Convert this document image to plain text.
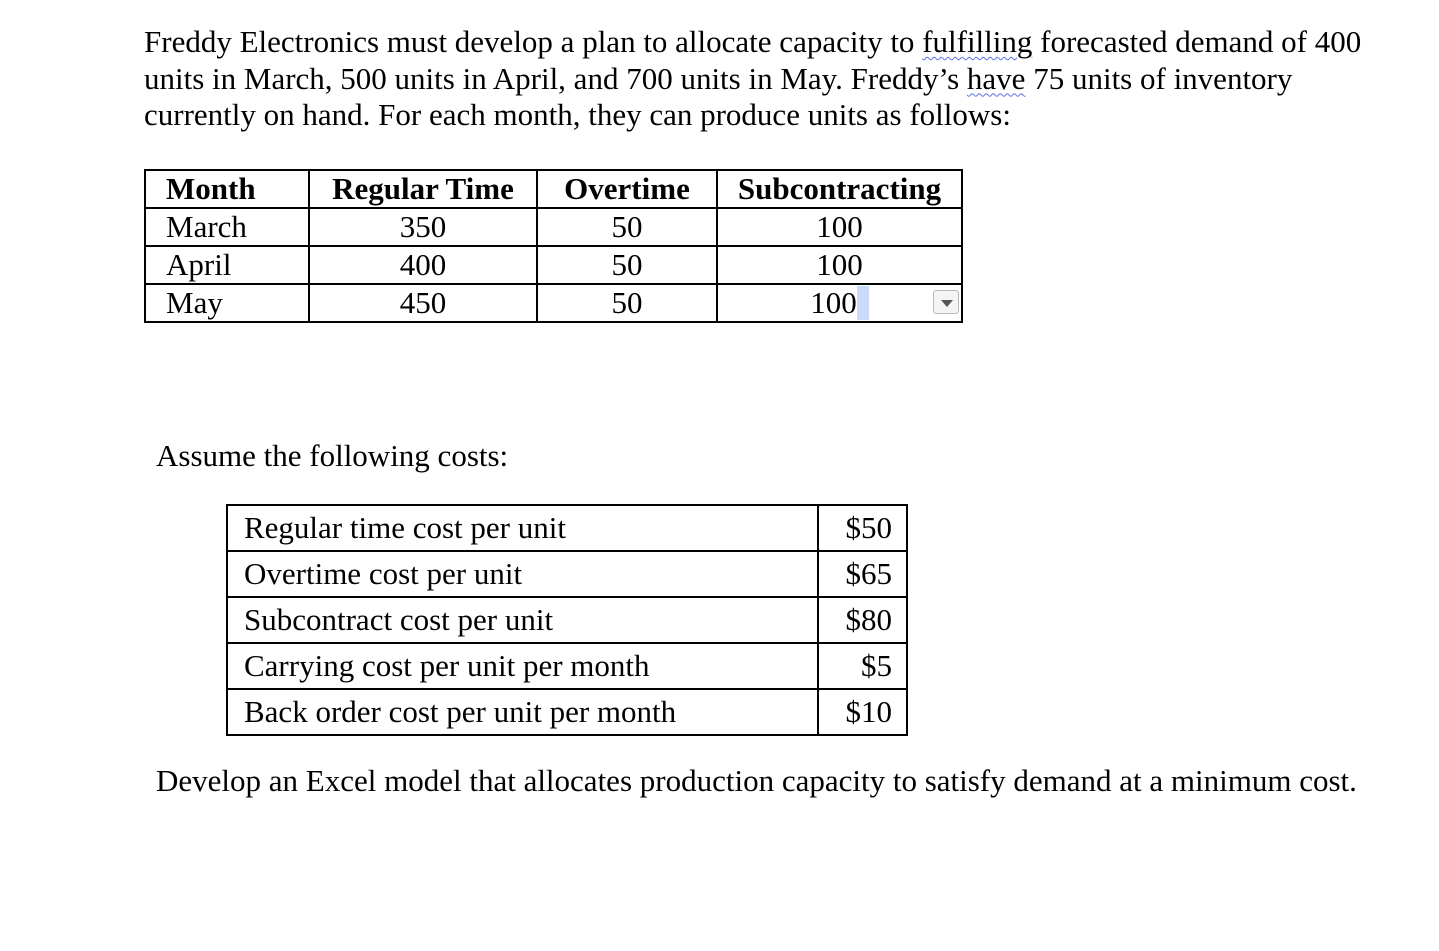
Freddy Electronics must develop a plan to allocate capacity to fulfilling forecasted demand of 400 units in March, 500 units in April, and 700 units in May. Freddy’s have 75 units of inventory currently on hand. For each month, they can produce units as follows:

Month	Regular Time	Overtime	Subcontracting
March	350	50	100
April	400	50	100
May	450	50	100

Assume the following costs:

Regular time cost per unit	$50
Overtime cost per unit	$65
Subcontract cost per unit	$80
Carrying cost per unit per month	$5
Back order cost per unit per month	$10

Develop an Excel model that allocates production capacity to satisfy demand at a minimum cost.
